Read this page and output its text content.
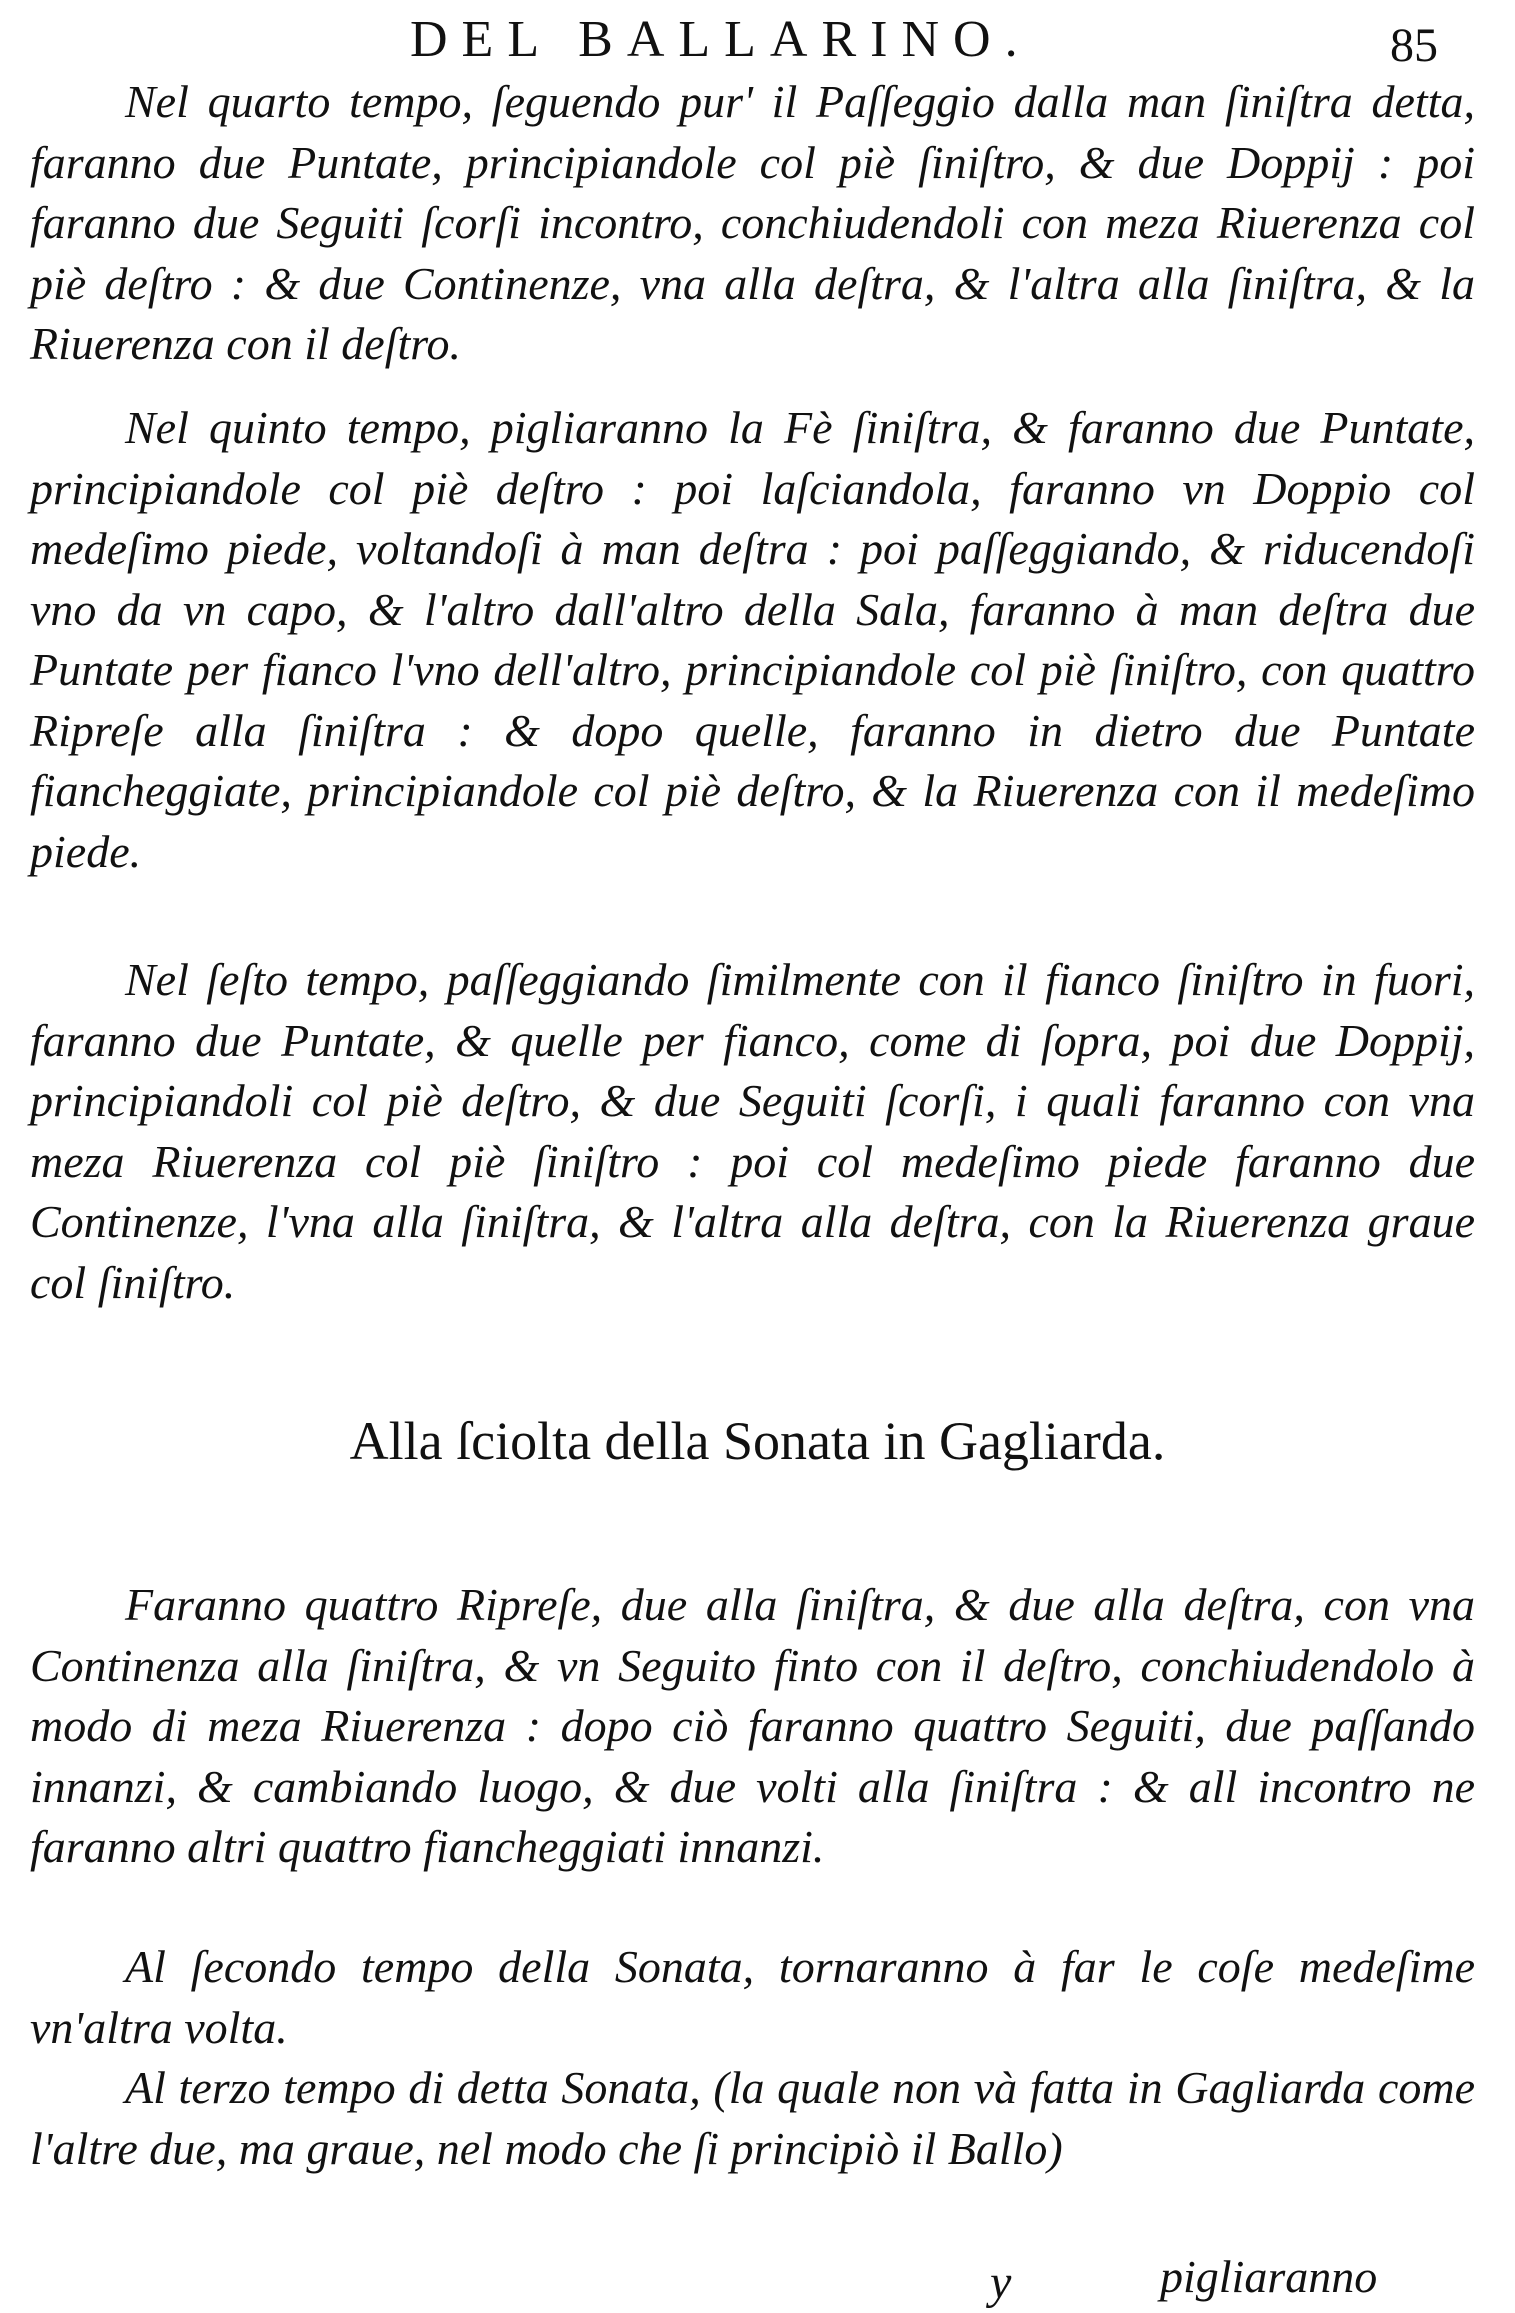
DEL BALLARINO.	85

Nel quarto tempo, ſeguendo pur' il Paſſeggio dalla man ſiniſtra detta, faranno due Puntate, principiandole col piè ſiniſtro, & due Doppij : poi faranno due Seguiti ſcorſi incontro, conchiudendoli con meza Riuerenza col piè deſtro : & due Continenze, vna alla deſtra, & l'altra alla ſiniſtra, & la Riuerenza con il deſtro.

Nel quinto tempo, pigliaranno la Fè ſiniſtra, & faranno due Puntate, principiandole col piè deſtro : poi laſciandola, faranno vn Doppio col medeſimo piede, voltandoſi à man deſtra : poi paſſeggiando, & riducendoſi vno da vn capo, & l'altro dall'altro della Sala, faranno à man deſtra due Puntate per fianco l'vno dell'altro, principiandole col piè ſiniſtro, con quattro Ripreſe alla ſiniſtra : & dopo quelle, faranno in dietro due Puntate fiancheggiate, principiandole col piè deſtro, & la Riuerenza con il medeſimo piede.

Nel ſeſto tempo, paſſeggiando ſimilmente con il fianco ſiniſtro in fuori, faranno due Puntate, & quelle per fianco, come di ſopra, poi due Doppij, principiandoli col piè deſtro, & due Seguiti ſcorſi, i quali faranno con vna meza Riuerenza col piè ſiniſtro : poi col medeſimo piede faranno due Continenze, l'vna alla ſiniſtra, & l'altra alla deſtra, con la Riuerenza graue col ſiniſtro.

Alla ſciolta della Sonata in Gagliarda.

Faranno quattro Ripreſe, due alla ſiniſtra, & due alla deſtra, con vna Continenza alla ſiniſtra, & vn Seguito finto con il deſtro, conchiudendolo à modo di meza Riuerenza : dopo ciò faranno quattro Seguiti, due paſſando innanzi, & cambiando luogo, & due volti alla ſiniſtra : & all incontro ne faranno altri quattro fiancheggiati innanzi.

Al ſecondo tempo della Sonata, tornaranno à far le coſe medeſime vn'altra volta.

Al terzo tempo di detta Sonata, (la quale non và fatta in Gagliarda come l'altre due, ma graue, nel modo che ſi principiò il Ballo)

y	pigliaranno
